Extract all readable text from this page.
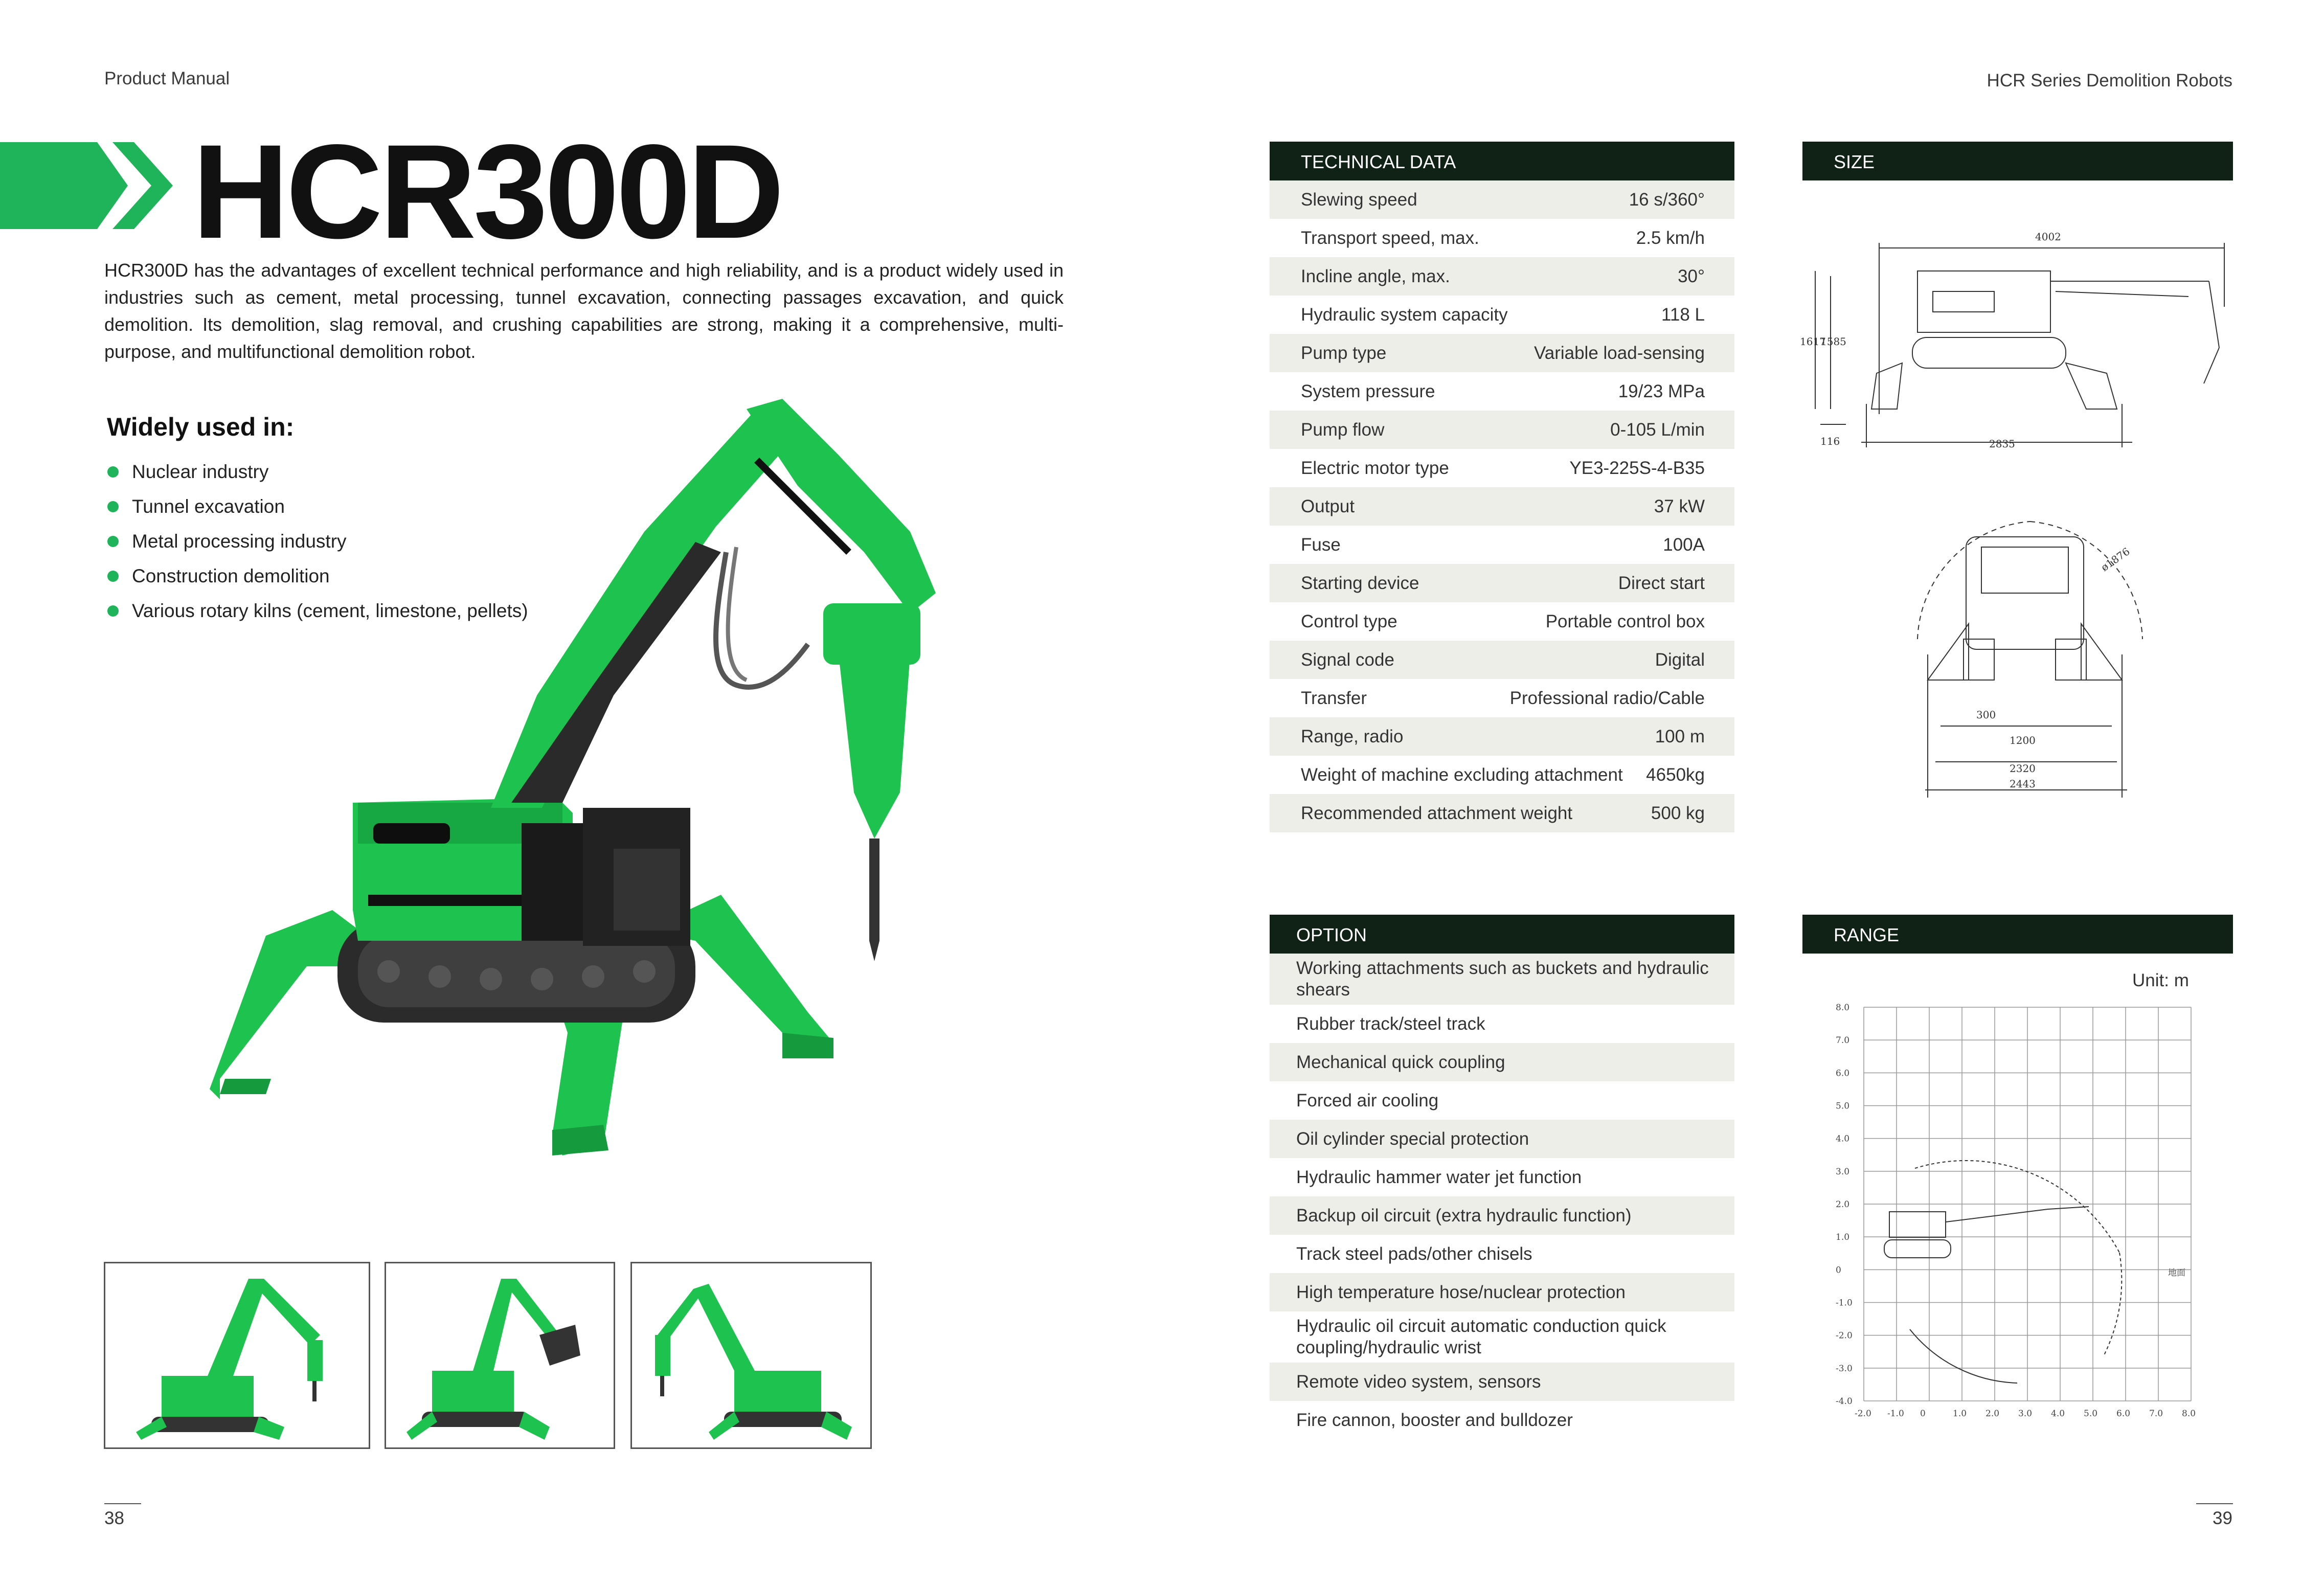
Product Manual	HCR Series Demolition Robots
HCR300D
HCR300D has the advantages of excellent technical performance and high reliability, and is a product widely used in industries such as cement, metal processing, tunnel excavation, connecting passages excavation, and quick demolition. Its demolition, slag removal, and crushing capabilities are strong, making it a comprehensive, multi-purpose, and multifunctional demolition robot.
Widely used in:
Nuclear industry
Tunnel excavation
Metal processing industry
Construction demolition
Various rotary kilns (cement, limestone, pellets)
TECHNICAL DATA
Slewing speed	16 s/360°
Transport speed, max.	2.5 km/h
Incline angle, max.	30°
Hydraulic system capacity	118 L
Pump type	Variable load-sensing
System pressure	19/23 MPa
Pump flow	0-105 L/min
Electric motor type	YE3-225S-4-B35
Output	37 kW
Fuse	100A
Starting device	Direct start
Control type	Portable control box
Signal code	Digital
Transfer	Professional radio/Cable
Range, radio	100 m
Weight of machine excluding attachment 4650kg
Recommended attachment weight	500 kg
OPTION
Working attachments such as buckets and hydraulic shears
Rubber track/steel track
Mechanical quick coupling
Forced air cooling
Oil cylinder special protection
Hydraulic hammer water jet function
Backup oil circuit (extra hydraulic function)
Track steel pads/other chisels
High temperature hose/nuclear protection
Hydraulic oil circuit automatic conduction quick coupling/hydraulic wrist
Remote video system, sensors
Fire cannon, booster and bulldozer
SIZE
4002
1617
1585
116	2835
ø1876
300
1200
2320
2443
RANGE
Unit: m
8.0
7.0
6.0
5.0
4.0
3.0
2.0
1.0
0
-1.0
-2.0
-3.0
-4.0
-2.0 -1.0 0	1.0 2.0 3.0 4.0 5.0 6.0 7.0 8.0
地面
38	39
